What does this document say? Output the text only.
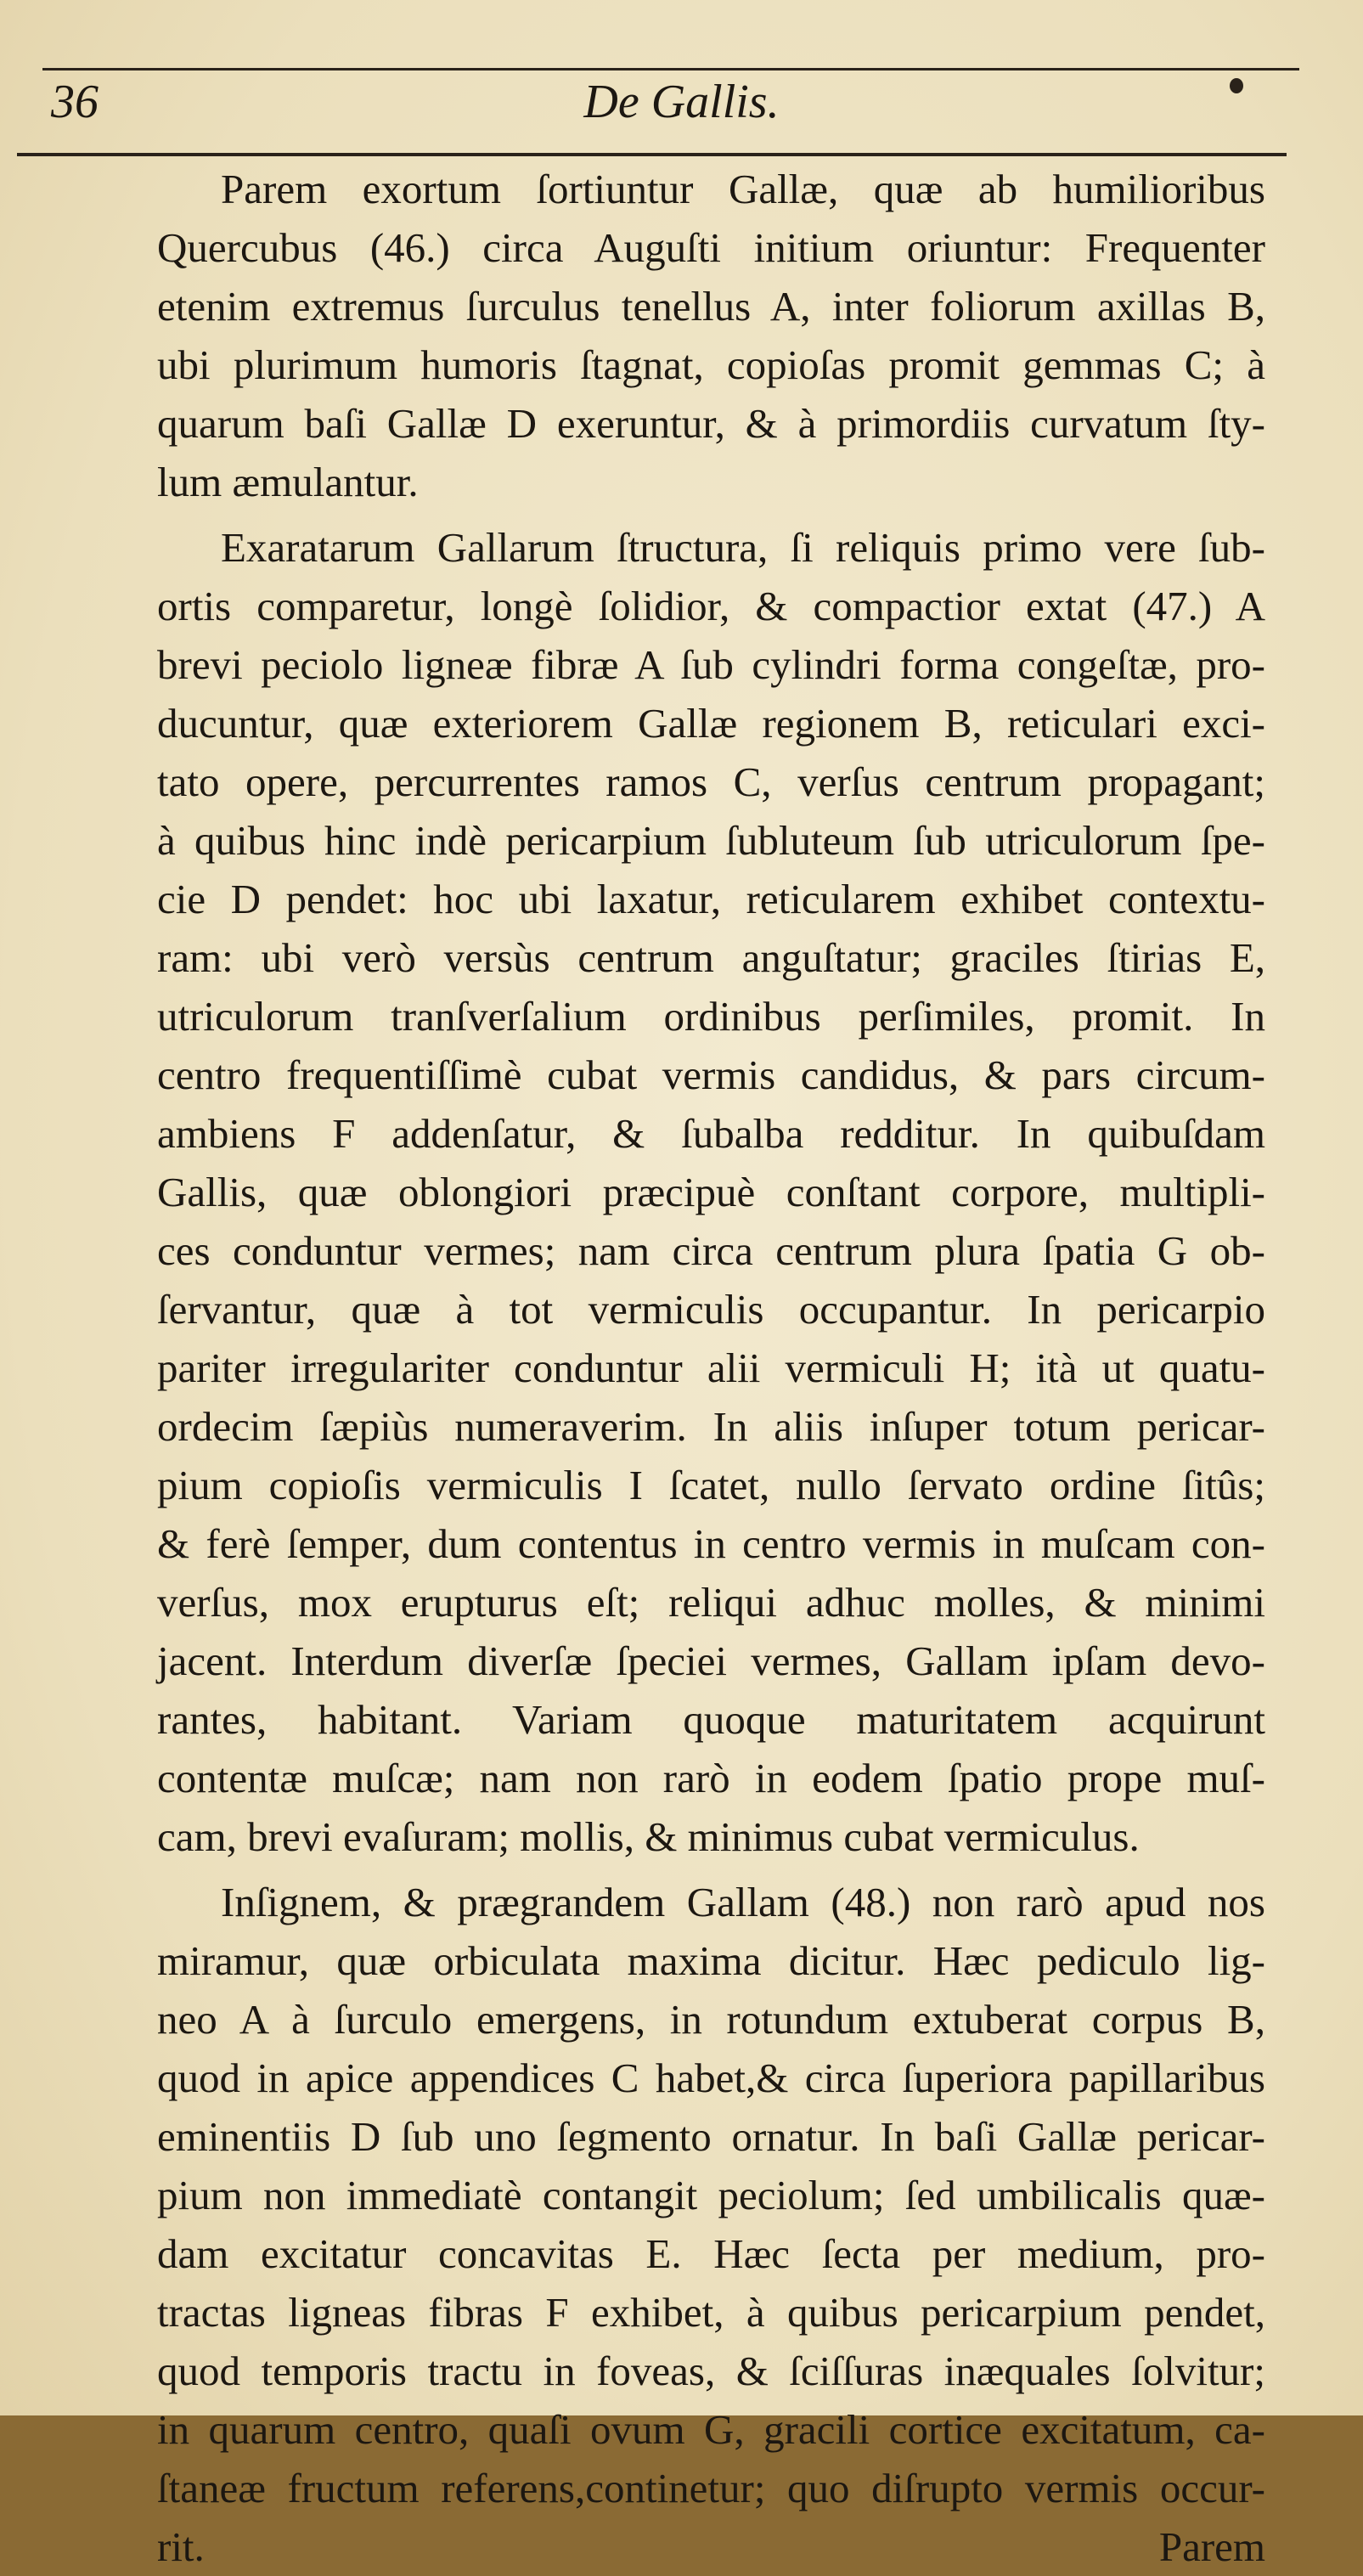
36	De Gallis.
Parem exortum ſortiuntur Gallæ, quæ ab humilioribus
Quercubus (46.) circa Auguſti initium oriuntur: Frequenter
etenim extremus ſurculus tenellus A, inter foliorum axillas B,
ubi plurimum humoris ſtagnat, copioſas promit gemmas C; à
quarum baſi Gallæ D exeruntur, & à primordiis curvatum ſty-
lum æmulantur.
Exaratarum Gallarum ſtructura, ſi reliquis primo vere ſub-
ortis comparetur, longè ſolidior, & compactior extat (47.) A
brevi peciolo ligneæ fibræ A ſub cylindri forma congeſtæ, pro-
ducuntur, quæ exteriorem Gallæ regionem B, reticulari exci-
tato opere, percurrentes ramos C, verſus centrum propagant;
à quibus hinc indè pericarpium ſubluteum ſub utriculorum ſpe-
cie D pendet: hoc ubi laxatur, reticularem exhibet contextu-
ram: ubi verò versùs centrum anguſtatur; graciles ſtirias E,
utriculorum tranſverſalium ordinibus perſimiles, promit. In
centro frequentiſſimè cubat vermis candidus, & pars circum-
ambiens F addenſatur, & ſubalba redditur. In quibuſdam
Gallis, quæ oblongiori præcipuè conſtant corpore, multipli-
ces conduntur vermes; nam circa centrum plura ſpatia G ob-
ſervantur, quæ à tot vermiculis occupantur. In pericarpio
pariter irregulariter conduntur alii vermiculi H; ità ut quatu-
ordecim ſæpiùs numeraverim. In aliis inſuper totum pericar-
pium copioſis vermiculis I ſcatet, nullo ſervato ordine ſitûs;
& ferè ſemper, dum contentus in centro vermis in muſcam con-
verſus, mox erupturus eſt; reliqui adhuc molles, & minimi
jacent. Interdum diverſæ ſpeciei vermes, Gallam ipſam devo-
rantes, habitant. Variam quoque maturitatem acquirunt
contentæ muſcæ; nam non rarò in eodem ſpatio prope muſ-
cam, brevi evaſuram; mollis, & minimus cubat vermiculus.
Inſignem, & prægrandem Gallam (48.) non rarò apud nos
miramur, quæ orbiculata maxima dicitur. Hæc pediculo lig-
neo A à ſurculo emergens, in rotundum extuberat corpus B,
quod in apice appendices C habet,& circa ſuperiora papillaribus
eminentiis D ſub uno ſegmento ornatur. In baſi Gallæ pericar-
pium non immediatè contangit peciolum; ſed umbilicalis quæ-
dam excitatur concavitas E. Hæc ſecta per medium, pro-
tractas ligneas fibras F exhibet, à quibus pericarpium pendet,
quod temporis tractu in foveas, & ſciſſuras inæquales ſolvitur;
in quarum centro, quaſi ovum G, gracili cortice excitatum, ca-
ſtaneæ fructum referens,continetur; quo diſrupto vermis occur-
rit.	Parem
